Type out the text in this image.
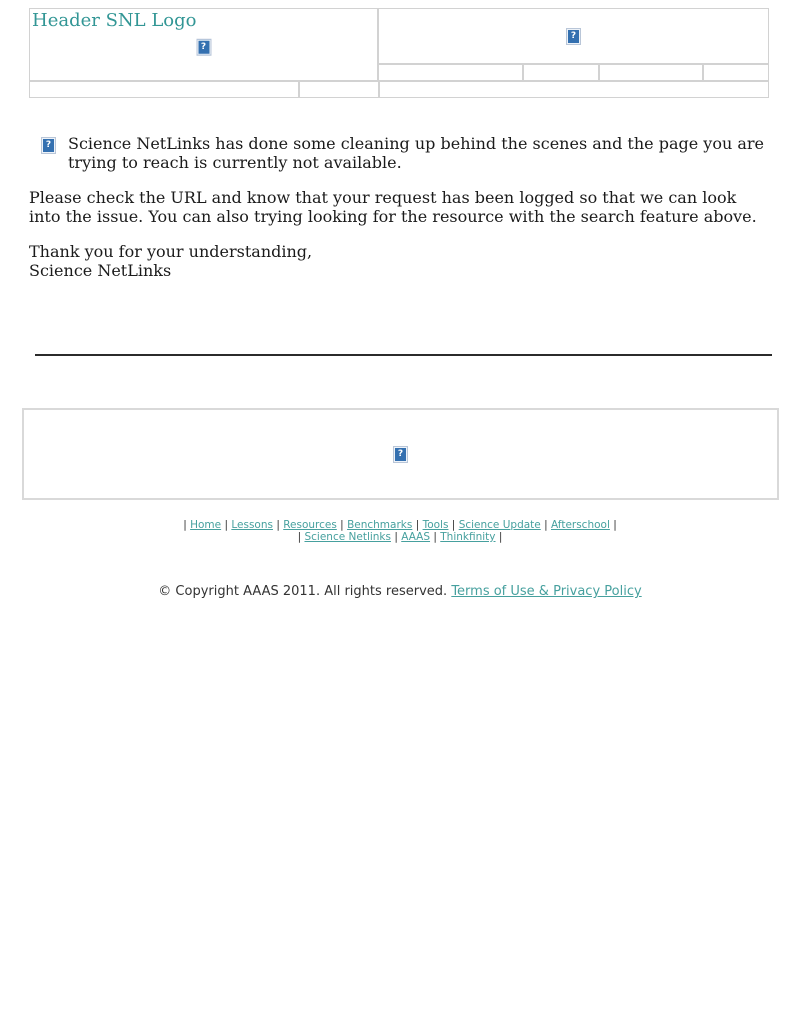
Header SNL Logo
?
?
? Science NetLinks has done some cleaning up behind the scenes and the page you are trying to reach is currently not available.
Please check the URL and know that your request has been logged so that we can look into the issue. You can also trying looking for the resource with the search feature above.
Thank you for your understanding,
Science NetLinks
?
| Home | Lessons | Resources | Benchmarks | Tools | Science Update | Afterschool |
| Science Netlinks | AAAS | Thinkfinity |
© Copyright AAAS 2011. All rights reserved. Terms of Use & Privacy Policy
